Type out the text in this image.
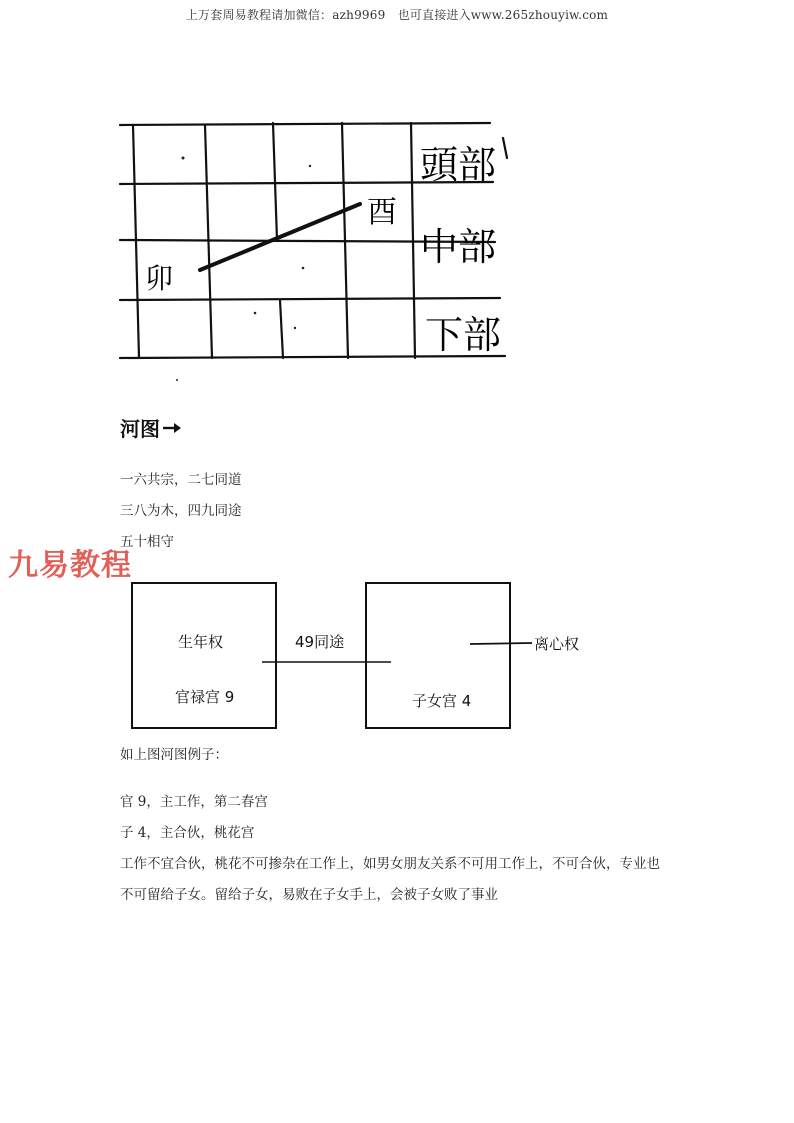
上万套周易教程请加微信：azh9969　也可直接进入www.265zhouyiw.com
酉
卯
頭部
中部
下部
河图
一六共宗，二七同道
三八为木，四九同途
五十相守
九易教程
生年权
官禄宫 9
49同途
子女宫 4
离心权
如上图河图例子：
官 9，主工作，第二春宫
子 4，主合伙，桃花宫
工作不宜合伙，桃花不可掺杂在工作上，如男女朋友关系不可用工作上，不可合伙，专业也
不可留给子女。留给子女，易败在子女手上，会被子女败了事业
